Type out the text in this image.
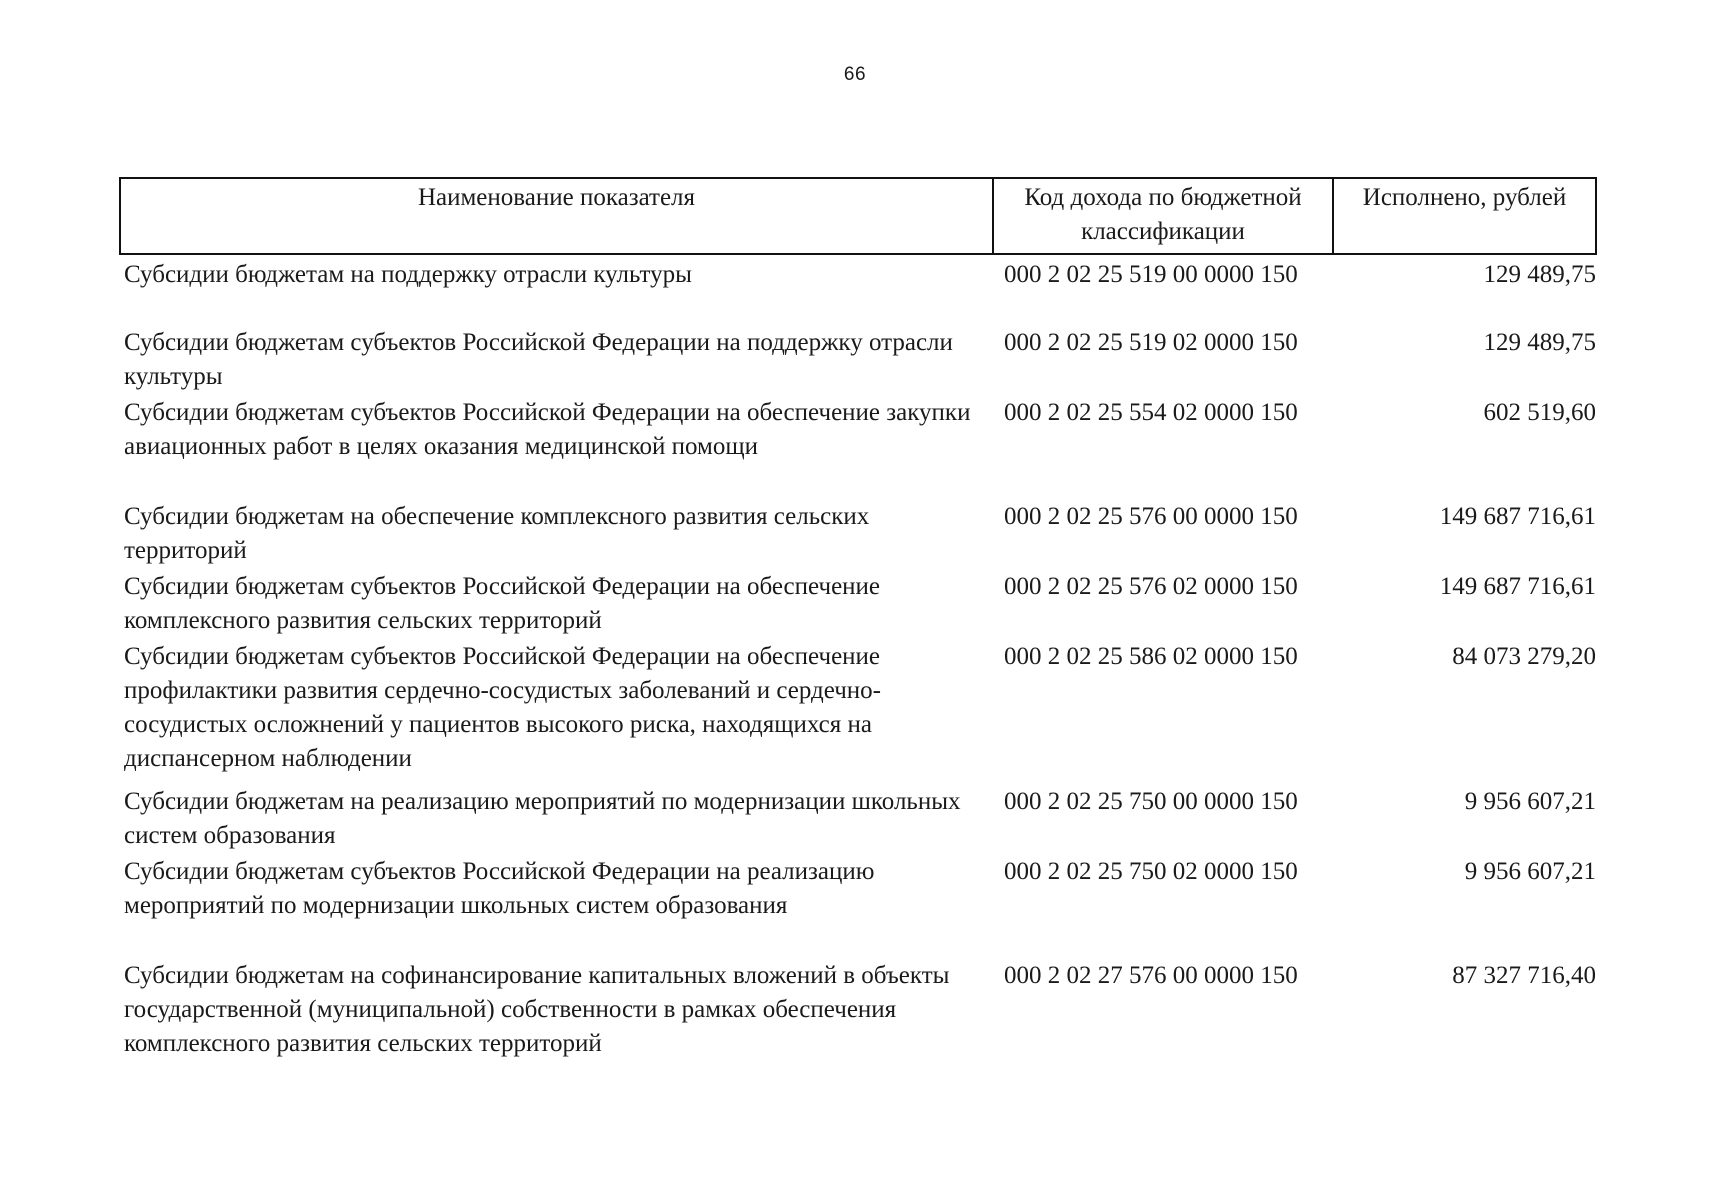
66
Наименование показателя	Код дохода по бюджетной классификации	Исполнено, рублей
Субсидии бюджетам на поддержку отрасли культуры	000 2 02 25 519 00 0000 150	129 489,75
Субсидии бюджетам субъектов Российской Федерации на поддержку отрасли культуры	000 2 02 25 519 02 0000 150	129 489,75
Субсидии бюджетам субъектов Российской Федерации на обеспечение закупки авиационных работ в целях оказания медицинской помощи	000 2 02 25 554 02 0000 150	602 519,60
Субсидии бюджетам на обеспечение комплексного развития сельских территорий	000 2 02 25 576 00 0000 150	149 687 716,61
Субсидии бюджетам субъектов Российской Федерации на обеспечение комплексного развития сельских территорий	000 2 02 25 576 02 0000 150	149 687 716,61
Субсидии бюджетам субъектов Российской Федерации на обеспечение профилактики развития сердечно-сосудистых заболеваний и сердечно-сосудистых осложнений у пациентов высокого риска, находящихся на диспансерном наблюдении	000 2 02 25 586 02 0000 150	84 073 279,20
Субсидии бюджетам на реализацию мероприятий по модернизации школьных систем образования	000 2 02 25 750 00 0000 150	9 956 607,21
Субсидии бюджетам субъектов Российской Федерации на реализацию мероприятий по модернизации школьных систем образования	000 2 02 25 750 02 0000 150	9 956 607,21
Субсидии бюджетам на софинансирование капитальных вложений в объекты государственной (муниципальной) собственности в рамках обеспечения комплексного развития сельских территорий	000 2 02 27 576 00 0000 150	87 327 716,40
